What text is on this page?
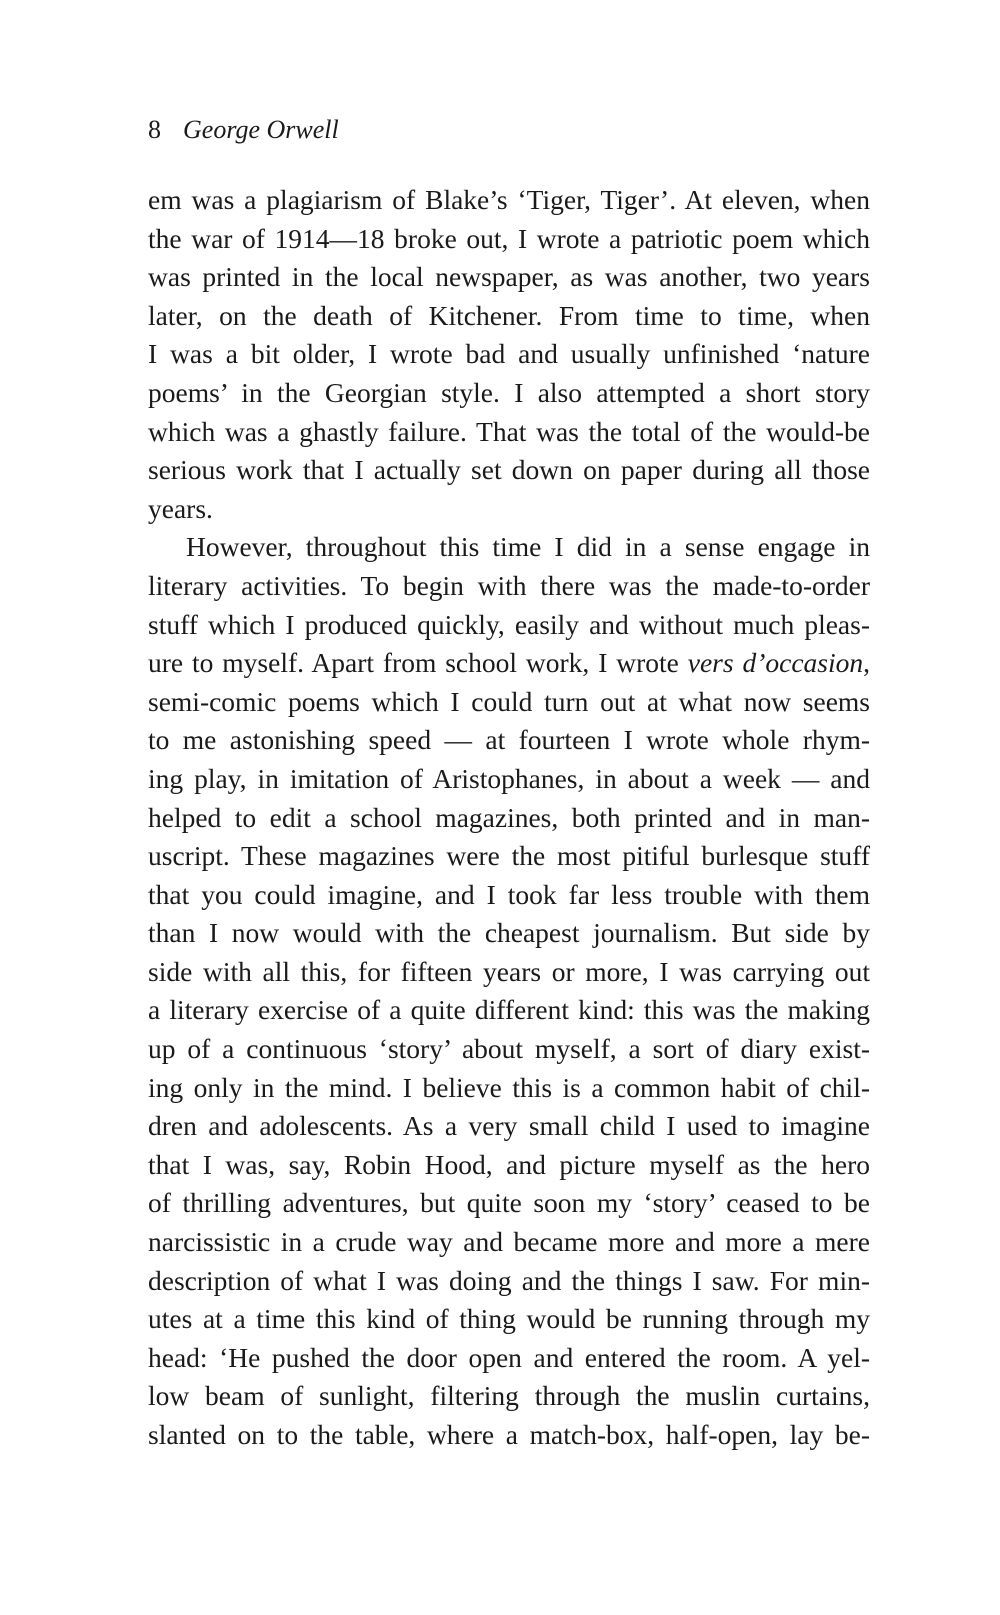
8 George Orwell
em was a plagiarism of Blake’s ‘Tiger, Tiger’. At eleven, when
the war of 1914—18 broke out, I wrote a patriotic poem which
was printed in the local newspaper, as was another, two years
later, on the death of Kitchener. From time to time, when
I was a bit older, I wrote bad and usually unfinished ‘nature
poems’ in the Georgian style. I also attempted a short story
which was a ghastly failure. That was the total of the would-be
serious work that I actually set down on paper during all those
years.
However, throughout this time I did in a sense engage in
literary activities. To begin with there was the made-to-order
stuff which I produced quickly, easily and without much pleas-
ure to myself. Apart from school work, I wrote vers d’occasion,
semi-comic poems which I could turn out at what now seems
to me astonishing speed — at fourteen I wrote whole rhym-
ing play, in imitation of Aristophanes, in about a week — and
helped to edit a school magazines, both printed and in man-
uscript. These magazines were the most pitiful burlesque stuff
that you could imagine, and I took far less trouble with them
than I now would with the cheapest journalism. But side by
side with all this, for fifteen years or more, I was carrying out
a literary exercise of a quite different kind: this was the making
up of a continuous ‘story’ about myself, a sort of diary exist-
ing only in the mind. I believe this is a common habit of chil-
dren and adolescents. As a very small child I used to imagine
that I was, say, Robin Hood, and picture myself as the hero
of thrilling adventures, but quite soon my ‘story’ ceased to be
narcissistic in a crude way and became more and more a mere
description of what I was doing and the things I saw. For min-
utes at a time this kind of thing would be running through my
head: ‘He pushed the door open and entered the room. A yel-
low beam of sunlight, filtering through the muslin curtains,
slanted on to the table, where a match-box, half-open, lay be-
